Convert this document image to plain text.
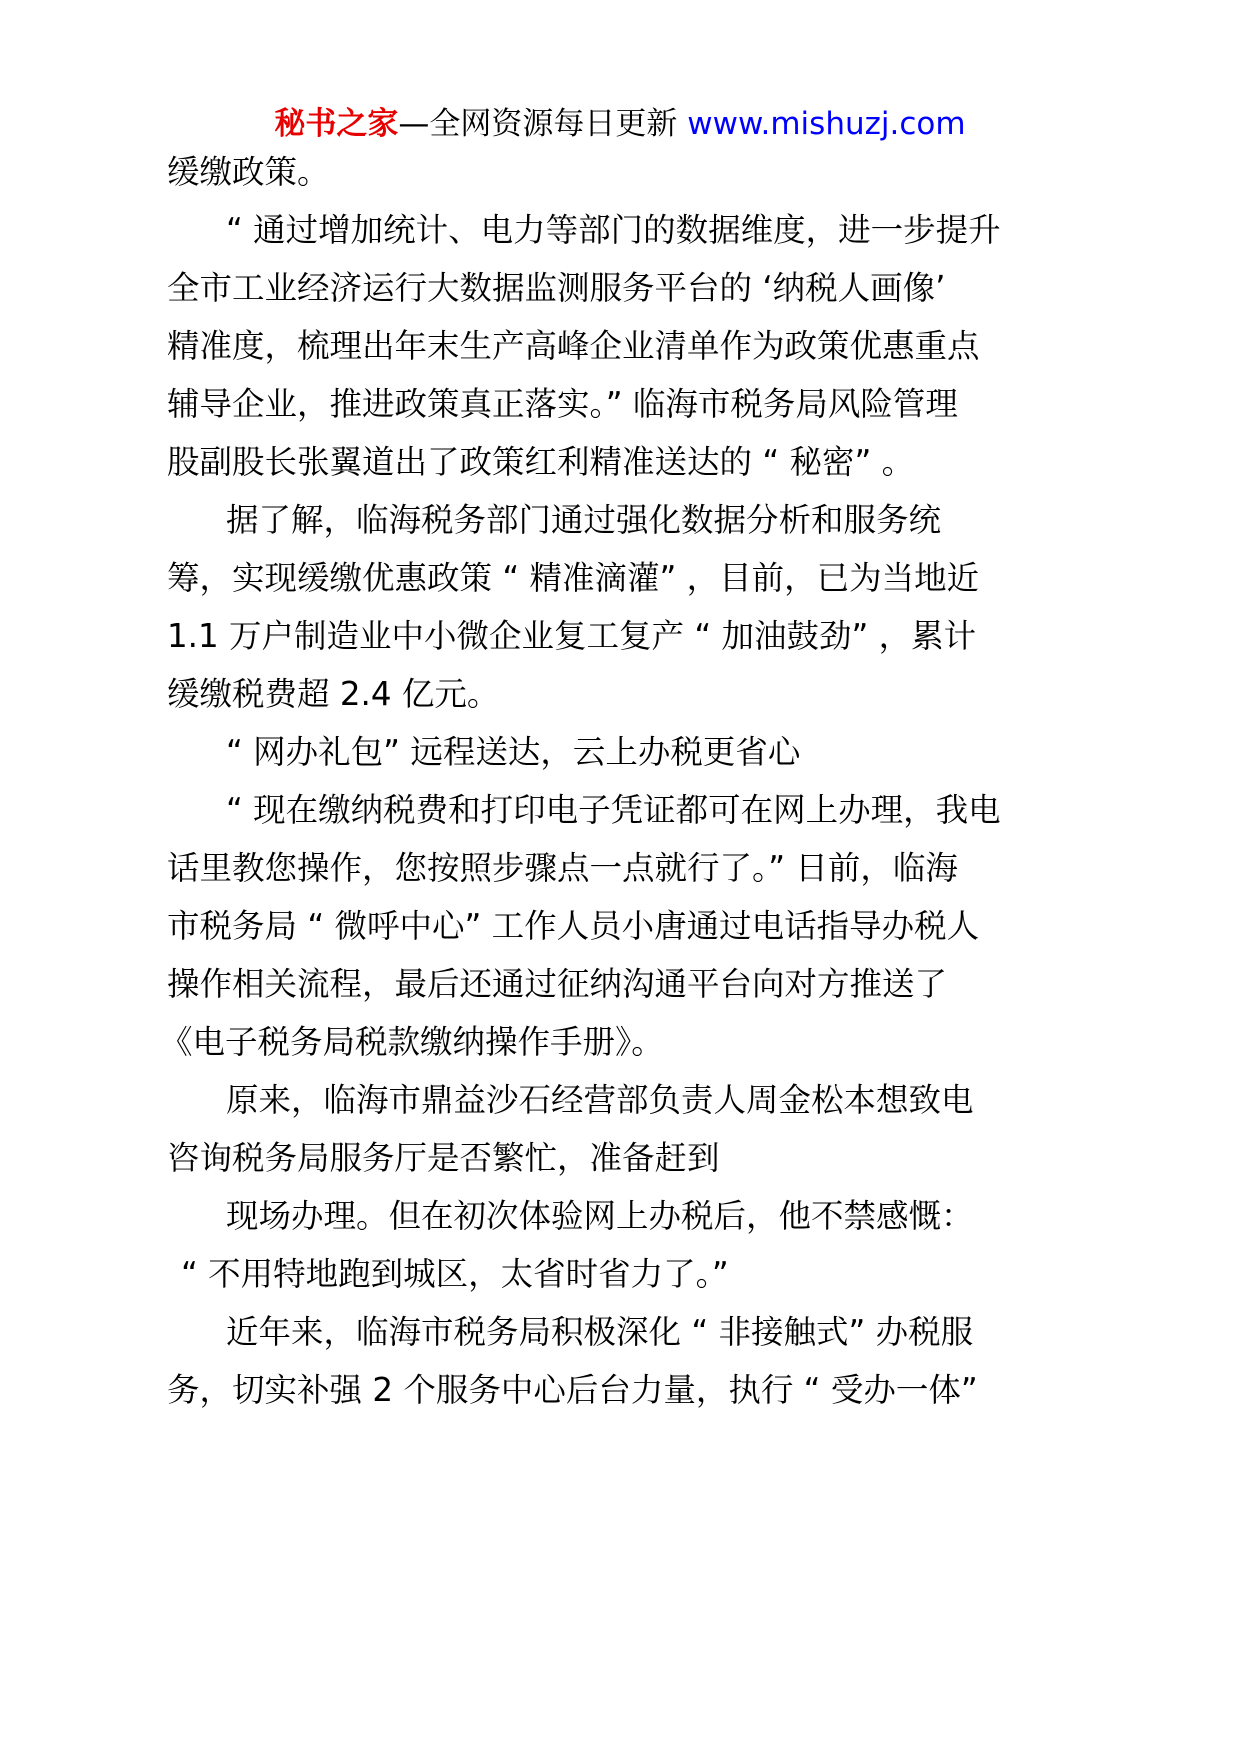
秘书之家—全网资源每日更新 www.mishuzj.com
缓缴政策。
“ 通过增加统计、电力等部门的数据维度，进一步提升
全市工业经济运行大数据监测服务平台的 ‘纳税人画像’
精准度，梳理出年末生产高峰企业清单作为政策优惠重点
辅导企业，推进政策真正落实。” 临海市税务局风险管理
股副股长张翼道出了政策红利精准送达的 “ 秘密” 。
据了解，临海税务部门通过强化数据分析和服务统
筹，实现缓缴优惠政策 “ 精准滴灌” ，目前，已为当地近
1.1 万户制造业中小微企业复工复产 “ 加油鼓劲” ，累计
缓缴税费超 2.4 亿元。
“ 网办礼包” 远程送达，云上办税更省心
“ 现在缴纳税费和打印电子凭证都可在网上办理，我电
话里教您操作，您按照步骤点一点就行了。” 日前，临海
市税务局 “ 微呼中心” 工作人员小唐通过电话指导办税人
操作相关流程，最后还通过征纳沟通平台向对方推送了
《电子税务局税款缴纳操作手册》。
原来，临海市鼎益沙石经营部负责人周金松本想致电
咨询税务局服务厅是否繁忙，准备赶到
现场办理。但在初次体验网上办税后，他不禁感慨：
“ 不用特地跑到城区，太省时省力了。”
近年来，临海市税务局积极深化 “ 非接触式” 办税服
务，切实补强 2 个服务中心后台力量，执行 “ 受办一体”
